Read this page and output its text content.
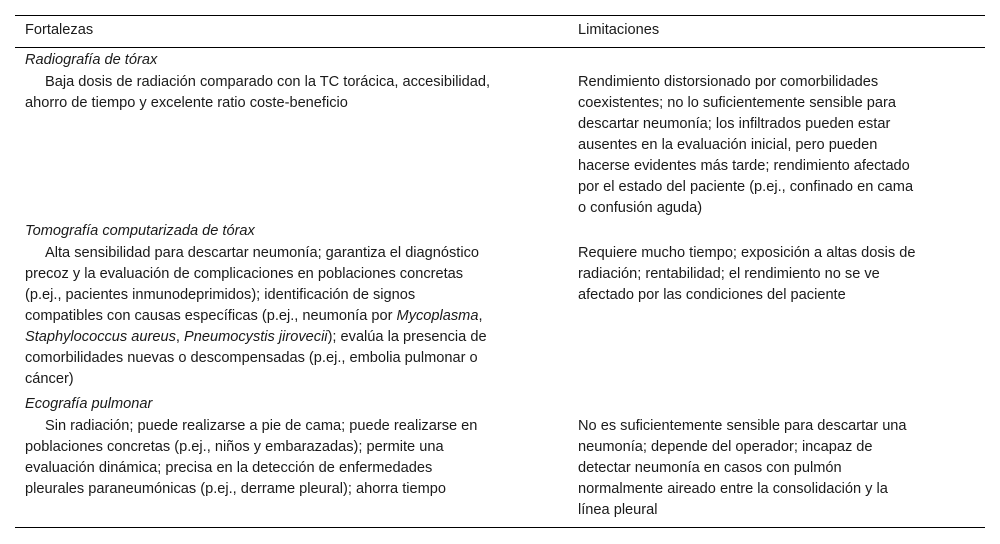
Fortalezas	Limitaciones
Radiografía de tórax
Baja dosis de radiación comparado con la TC torácica, accesibilidad,
ahorro de tiempo y excelente ratio coste-beneficio
Rendimiento distorsionado por comorbilidades
coexistentes; no lo suficientemente sensible para
descartar neumonía; los infiltrados pueden estar
ausentes en la evaluación inicial, pero pueden
hacerse evidentes más tarde; rendimiento afectado
por el estado del paciente (p.ej., confinado en cama
o confusión aguda)
Tomografía computarizada de tórax
Alta sensibilidad para descartar neumonía; garantiza el diagnóstico
precoz y la evaluación de complicaciones en poblaciones concretas
(p.ej., pacientes inmunodeprimidos); identificación de signos
compatibles con causas específicas (p.ej., neumonía por Mycoplasma,
Staphylococcus aureus, Pneumocystis jirovecii); evalúa la presencia de
comorbilidades nuevas o descompensadas (p.ej., embolia pulmonar o
cáncer)
Requiere mucho tiempo; exposición a altas dosis de
radiación; rentabilidad; el rendimiento no se ve
afectado por las condiciones del paciente
Ecografía pulmonar
Sin radiación; puede realizarse a pie de cama; puede realizarse en
poblaciones concretas (p.ej., niños y embarazadas); permite una
evaluación dinámica; precisa en la detección de enfermedades
pleurales paraneumónicas (p.ej., derrame pleural); ahorra tiempo
No es suficientemente sensible para descartar una
neumonía; depende del operador; incapaz de
detectar neumonía en casos con pulmón
normalmente aireado entre la consolidación y la
línea pleural
